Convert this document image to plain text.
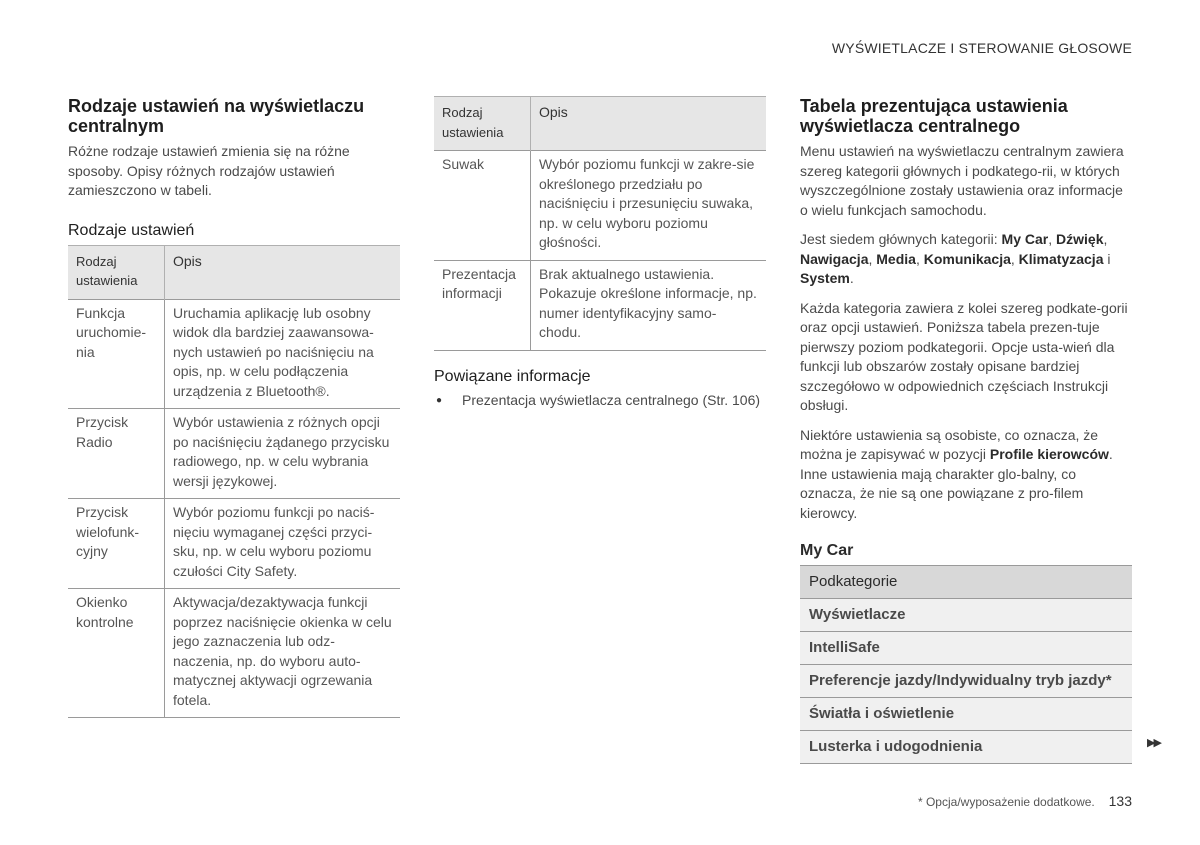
WYŚWIETLACZE I STEROWANIE GŁOSOWE
Rodzaje ustawień na wyświetlaczu centralnym

Różne rodzaje ustawień zmienia się na różne sposoby. Opisy różnych rodzajów ustawień zamieszczono w tabeli.

Rodzaje ustawień
Rodzaj ustawienia	Opis
Funkcja uruchomie-nia	Uruchamia aplikację lub osobny widok dla bardziej zaawansowa-nych ustawień po naciśnięciu na opis, np. w celu podłączenia urządzenia z Bluetooth®.
Przycisk Radio	Wybór ustawienia z różnych opcji po naciśnięciu żądanego przycisku radiowego, np. w celu wybrania wersji językowej.
Przycisk wielofunk-cyjny	Wybór poziomu funkcji po naciś-nięciu wymaganej części przyci-sku, np. w celu wyboru poziomu czułości City Safety.
Okienko kontrolne	Aktywacja/dezaktywacja funkcji poprzez naciśnięcie okienka w celu jego zaznaczenia lub odz-naczenia, np. do wyboru auto-matycznej aktywacji ogrzewania fotela.
Rodzaj ustawienia	Opis
Suwak	Wybór poziomu funkcji w zakre-sie określonego przedziału po naciśnięciu i przesunięciu suwaka, np. w celu wyboru poziomu głośności.
Prezentacja informacji	Brak aktualnego ustawienia. Pokazuje określone informacje, np. numer identyfikacyjny samo-chodu.
Powiązane informacje
● Prezentacja wyświetlacza centralnego (Str. 106)
Tabela prezentująca ustawienia wyświetlacza centralnego

Menu ustawień na wyświetlaczu centralnym zawiera szereg kategorii głównych i podkatego-rii, w których wyszczególnione zostały ustawienia oraz informacje o wielu funkcjach samochodu.

Jest siedem głównych kategorii: My Car, Dźwięk, Nawigacja, Media, Komunikacja, Klimatyzacja i System.

Każda kategoria zawiera z kolei szereg podkate-gorii oraz opcji ustawień. Poniższa tabela prezen-tuje pierwszy poziom podkategorii. Opcje usta-wień dla funkcji lub obszarów zostały opisane bardziej szczegółowo w odpowiednich częściach Instrukcji obsługi.

Niektóre ustawienia są osobiste, co oznacza, że można je zapisywać w pozycji Profile kierowców. Inne ustawienia mają charakter glo-balny, co oznacza, że nie są one powiązane z pro-filem kierowcy.

My Car
Podkategorie
Wyświetlacze
IntelliSafe
Preferencje jazdy/Indywidualny tryb jazdy*
Światła i oświetlenie
Lusterka i udogodnienia	▶▶
* Opcja/wyposażenie dodatkowe. 133
